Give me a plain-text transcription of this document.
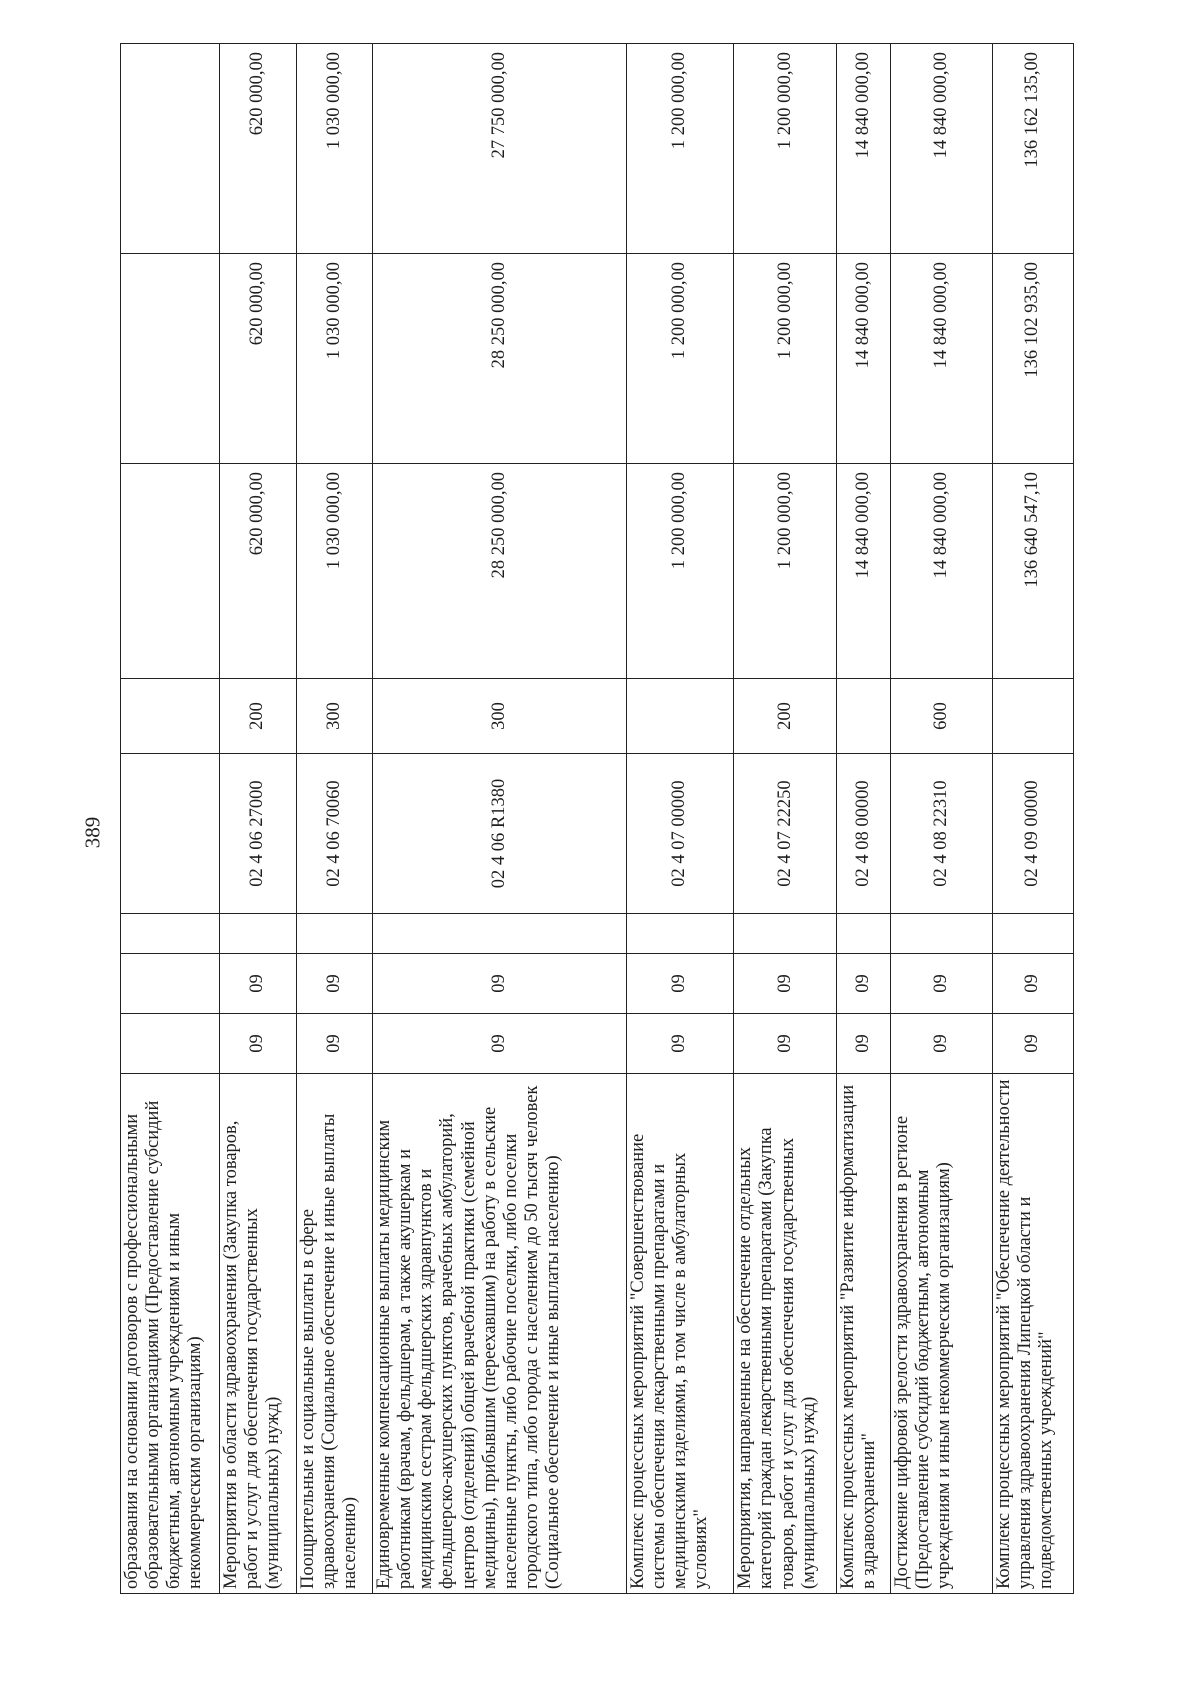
389
образования на основании договоров с профессиональными образовательными организациями (Предоставление субсидий бюджетным, автономным учреждениям и иным некоммерческим организациям)								
Мероприятия в области здравоохранения (Закупка товаров, работ и услуг для обеспечения государственных (муниципальных) нужд)	09	09		02 4 06 27000	200	620 000,00	620 000,00	620 000,00
Поощрительные и социальные выплаты в сфере здравоохранения (Социальное обеспечение и иные выплаты населению)	09	09		02 4 06 70060	300	1 030 000,00	1 030 000,00	1 030 000,00
Единовременные компенсационные выплаты медицинским работникам (врачам, фельдшерам, а также акушеркам и медицинским сестрам фельдшерских здравпунктов и фельдшерско-акушерских пунктов, врачебных амбулаторий, центров (отделений) общей врачебной практики (семейной медицины), прибывшим (переехавшим) на работу в сельские населенные пункты, либо рабочие поселки, либо поселки городского типа, либо города с населением до 50 тысяч человек (Социальное обеспечение и иные выплаты населению)	09	09		02 4 06 R1380	300	28 250 000,00	28 250 000,00	27 750 000,00
Комплекс процессных мероприятий "Совершенствование системы обеспечения лекарственными препаратами и медицинскими изделиями, в том числе в амбулаторных условиях"	09	09		02 4 07 00000		1 200 000,00	1 200 000,00	1 200 000,00
Мероприятия, направленные на обеспечение отдельных категорий граждан лекарственными препаратами (Закупка товаров, работ и услуг для обеспечения государственных (муниципальных) нужд)	09	09		02 4 07 22250	200	1 200 000,00	1 200 000,00	1 200 000,00
Комплекс процессных мероприятий "Развитие информатизации в здравоохранении"	09	09		02 4 08 00000		14 840 000,00	14 840 000,00	14 840 000,00
Достижение цифровой зрелости здравоохранения в регионе (Предоставление субсидий бюджетным, автономным учреждениям и иным некоммерческим организациям)	09	09		02 4 08 22310	600	14 840 000,00	14 840 000,00	14 840 000,00
Комплекс процессных мероприятий "Обеспечение деятельности управления здравоохранения Липецкой области и подведомственных учреждений"	09	09		02 4 09 00000		136 640 547,10	136 102 935,00	136 162 135,00
